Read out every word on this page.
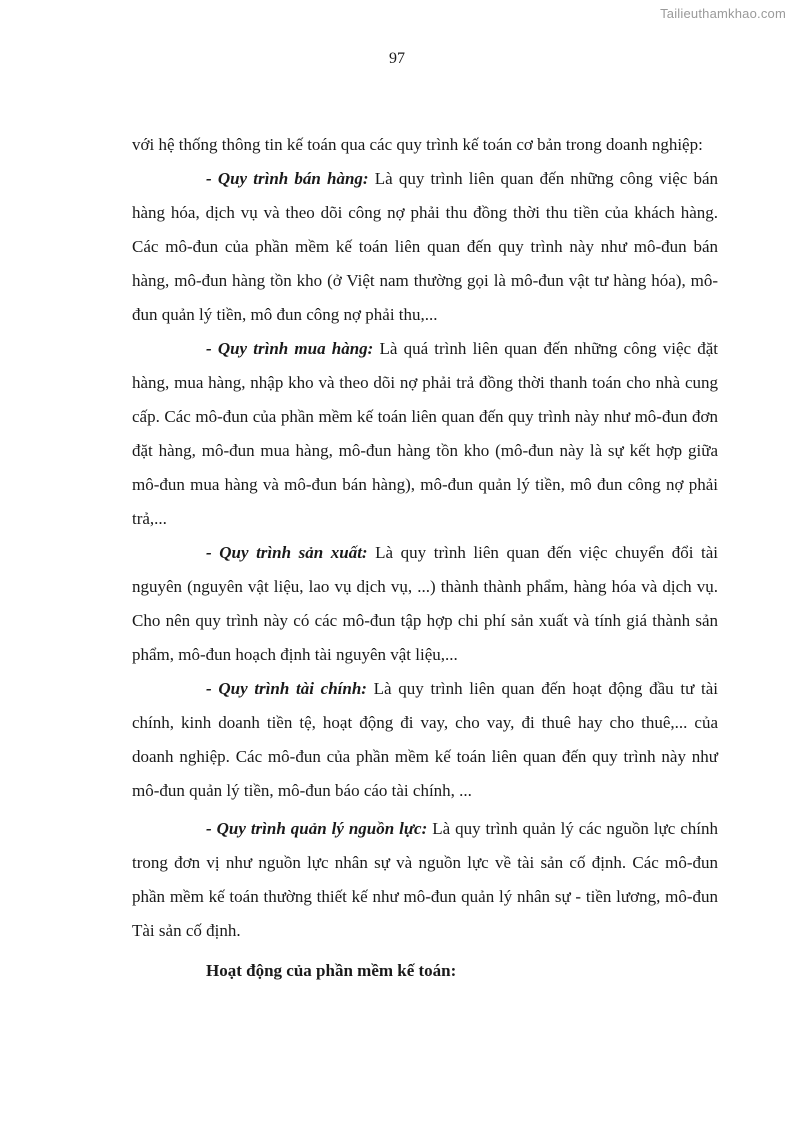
Tailieuthamkhao.com
97

với hệ thống thông tin kế toán qua các quy trình kế toán cơ bản trong doanh nghiệp:

- Quy trình bán hàng: Là quy trình liên quan đến những công việc bán hàng hóa, dịch vụ và theo dõi công nợ phải thu đồng thời thu tiền của khách hàng. Các mô-đun của phần mềm kế toán liên quan đến quy trình này như mô-đun bán hàng, mô-đun hàng tồn kho (ở Việt nam thường gọi là mô-đun vật tư hàng hóa), mô-đun quản lý tiền, mô đun công nợ phải thu,...

- Quy trình mua hàng: Là quá trình liên quan đến những công việc đặt hàng, mua hàng, nhập kho và theo dõi nợ phải trả đồng thời thanh toán cho nhà cung cấp. Các mô-đun của phần mềm kế toán liên quan đến quy trình này như mô-đun đơn đặt hàng, mô-đun mua hàng, mô-đun hàng tồn kho (mô-đun này là sự kết hợp giữa mô-đun mua hàng và mô-đun bán hàng), mô-đun quản lý tiền, mô đun công nợ phải trả,...

- Quy trình sản xuất: Là quy trình liên quan đến việc chuyển đổi tài nguyên (nguyên vật liệu, lao vụ dịch vụ, ...) thành thành phẩm, hàng hóa và dịch vụ. Cho nên quy trình này có các mô-đun tập hợp chi phí sản xuất và tính giá thành sản phẩm, mô-đun hoạch định tài nguyên vật liệu,...

- Quy trình tài chính: Là quy trình liên quan đến hoạt động đầu tư tài chính, kinh doanh tiền tệ, hoạt động đi vay, cho vay, đi thuê hay cho thuê,... của doanh nghiệp. Các mô-đun của phần mềm kế toán liên quan đến quy trình này như mô-đun quản lý tiền, mô-đun báo cáo tài chính, ...

- Quy trình quản lý nguồn lực: Là quy trình quản lý các nguồn lực chính trong đơn vị như nguồn lực nhân sự và nguồn lực về tài sản cố định. Các mô-đun phần mềm kế toán thường thiết kế như mô-đun quản lý nhân sự - tiền lương, mô-đun Tài sản cố định.

Hoạt động của phần mềm kế toán:
